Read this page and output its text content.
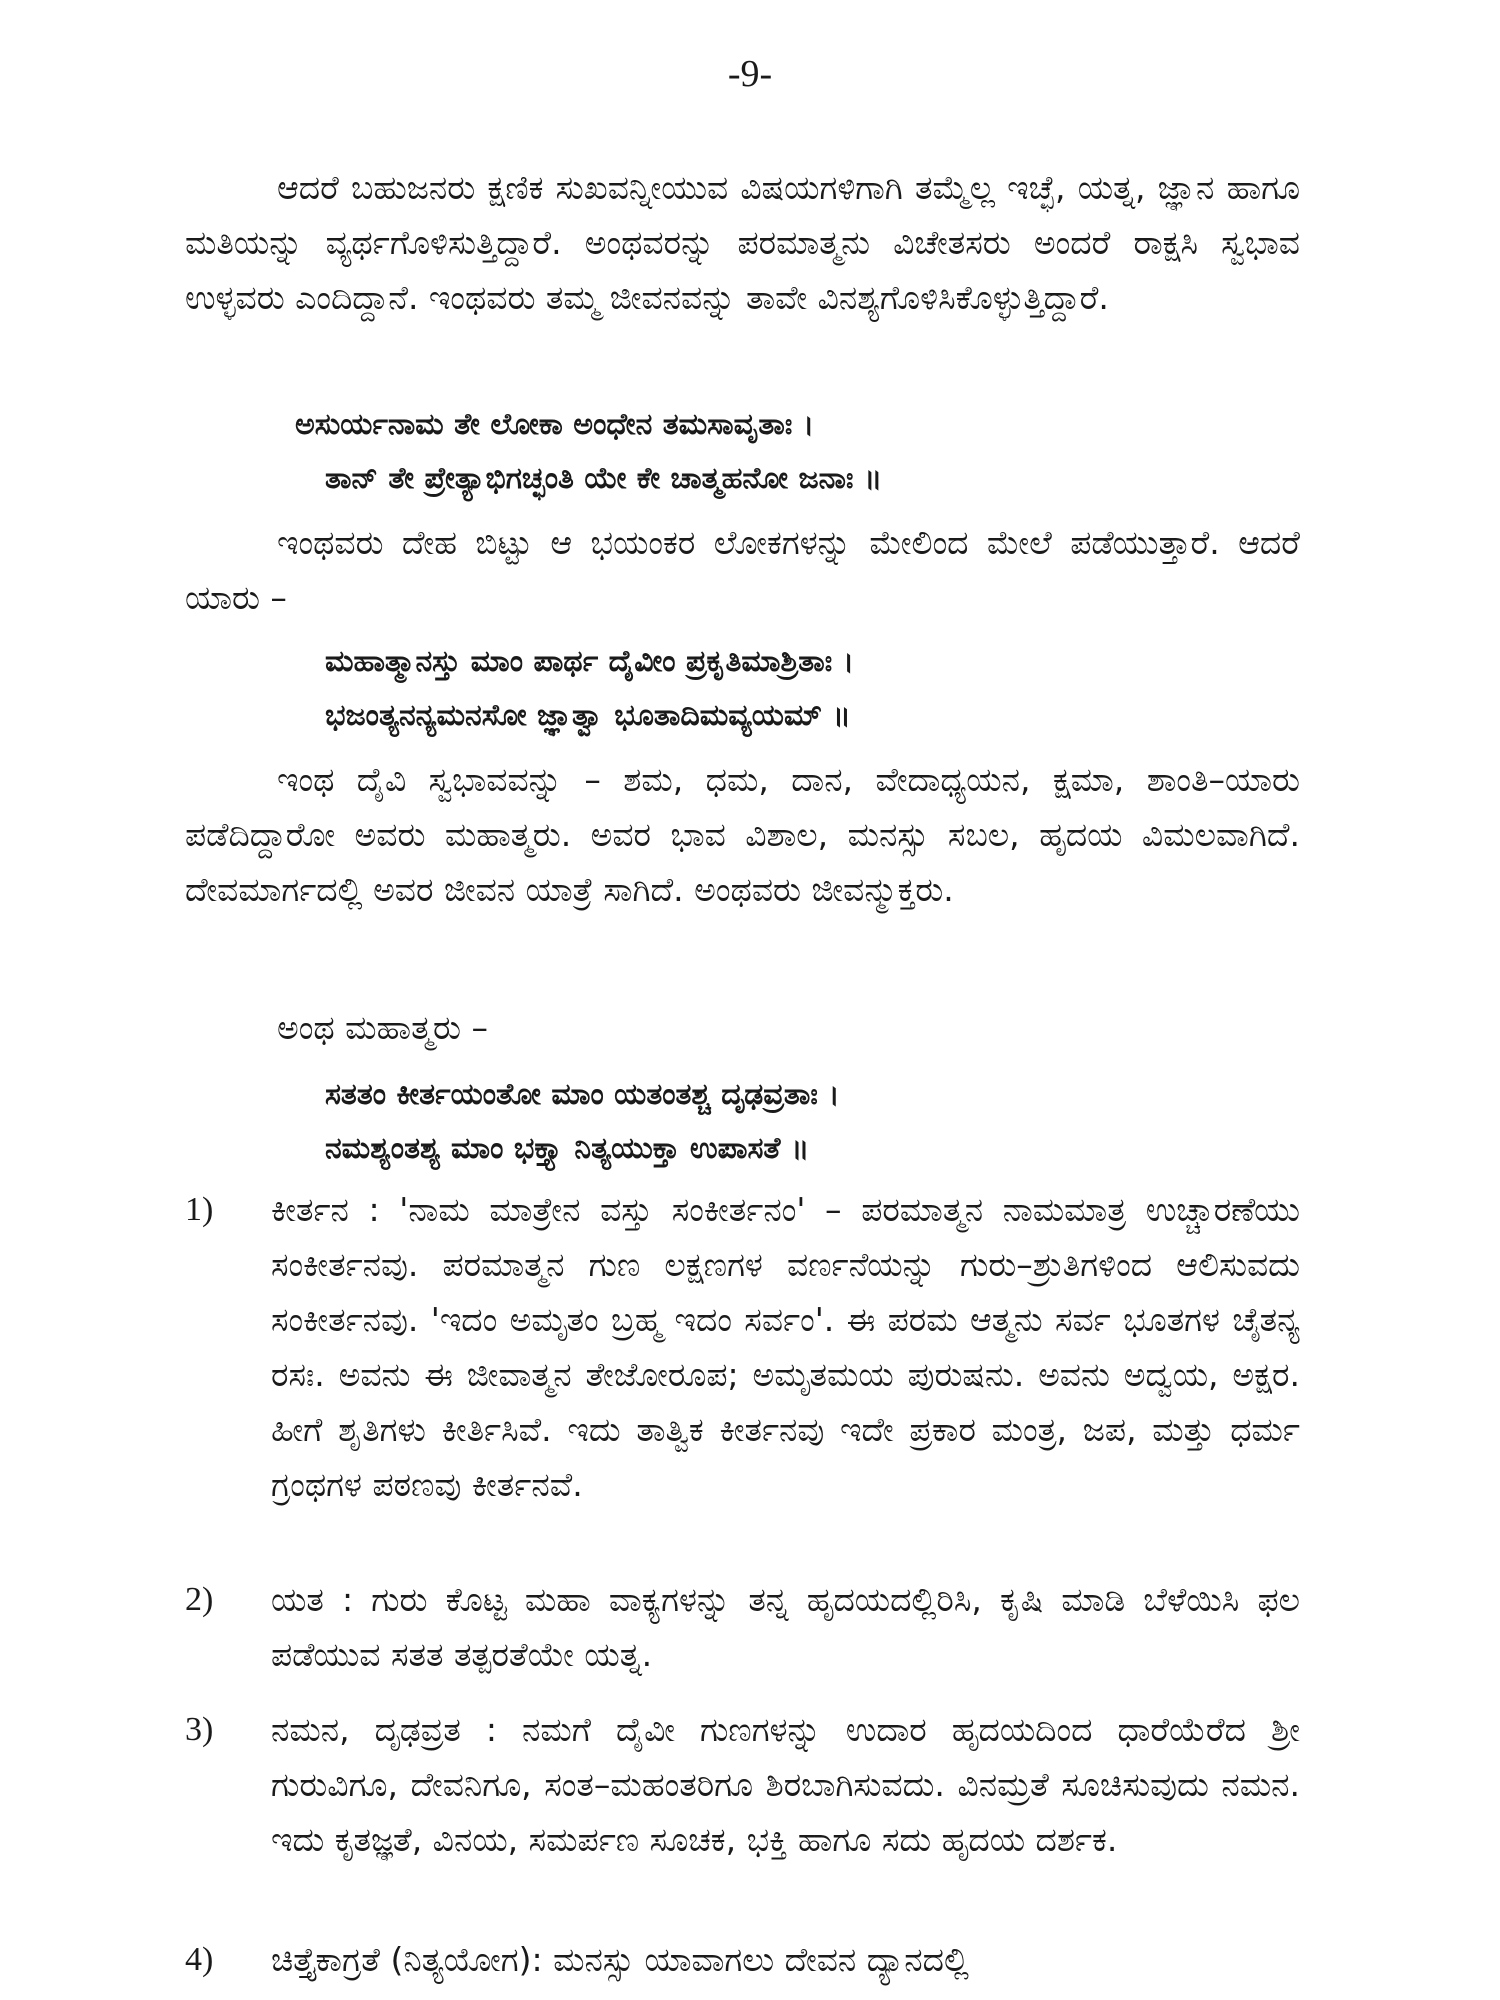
-9-

ಆದರೆ ಬಹುಜನರು ಕ್ಷಣಿಕ ಸುಖವನ್ನೀಯುವ ವಿಷಯಗಳಿಗಾಗಿ ತಮ್ಮೆಲ್ಲ ಇಚ್ಛೆ, ಯತ್ನ, ಜ್ಞಾನ ಹಾಗೂ ಮತಿಯನ್ನು ವ್ಯರ್ಥಗೊಳಿಸುತ್ತಿದ್ದಾರೆ. ಅಂಥವರನ್ನು ಪರಮಾತ್ಮನು ವಿಚೇತಸರು ಅಂದರೆ ರಾಕ್ಷಸಿ ಸ್ವಭಾವ ಉಳ್ಳವರು ಎಂದಿದ್ದಾನೆ. ಇಂಥವರು ತಮ್ಮ ಜೀವನವನ್ನು ತಾವೇ ವಿನಶ್ಯಗೊಳಿಸಿಕೊಳ್ಳುತ್ತಿದ್ದಾರೆ.

ಅಸುರ್ಯನಾಮ ತೇ ಲೋಕಾ ಅಂಧೇನ ತಮಸಾವೃತಾಃ ।

ತಾನ್ ತೇ ಪ್ರೇತ್ಯಾಭಿಗಚ್ಛಂತಿ ಯೇ ಕೇ ಚಾತ್ಮಹನೋ ಜನಾಃ ॥

ಇಂಥವರು ದೇಹ ಬಿಟ್ಟು ಆ ಭಯಂಕರ ಲೋಕಗಳನ್ನು ಮೇಲಿಂದ ಮೇಲೆ ಪಡೆಯುತ್ತಾರೆ. ಆದರೆ ಯಾರು –

ಮಹಾತ್ಮಾನಸ್ತು ಮಾಂ ಪಾರ್ಥ ದೈವೀಂ ಪ್ರಕೃತಿಮಾಶ್ರಿತಾಃ ।

ಭಜಂತ್ಯನನ್ಯಮನಸೋ ಜ್ಞಾತ್ವಾ ಭೂತಾದಿಮವ್ಯಯಮ್ ॥

ಇಂಥ ದೈವಿ ಸ್ವಭಾವವನ್ನು – ಶಮ, ಧಮ, ದಾನ, ವೇದಾಧ್ಯಯನ, ಕ್ಷಮಾ, ಶಾಂತಿ–ಯಾರು ಪಡೆದಿದ್ದಾರೋ ಅವರು ಮಹಾತ್ಮರು. ಅವರ ಭಾವ ವಿಶಾಲ, ಮನಸ್ಸು ಸಬಲ, ಹೃದಯ ವಿಮಲವಾಗಿದೆ. ದೇವಮಾರ್ಗದಲ್ಲಿ ಅವರ ಜೀವನ ಯಾತ್ರೆ ಸಾಗಿದೆ. ಅಂಥವರು ಜೀವನ್ಮುಕ್ತರು.

ಅಂಥ ಮಹಾತ್ಮರು –

ಸತತಂ ಕೀರ್ತಯಂತೋ ಮಾಂ ಯತಂತಶ್ಚ ದೃಢವ್ರತಾಃ ।

ನಮಶ್ಯಂತಶ್ಯ ಮಾಂ ಭಕ್ತ್ಯಾ ನಿತ್ಯಯುಕ್ತಾ ಉಪಾಸತೆ ॥

1) ಕೀರ್ತನ : 'ನಾಮ ಮಾತ್ರೇನ ವಸ್ತು ಸಂಕೀರ್ತನಂ' – ಪರಮಾತ್ಮನ ನಾಮಮಾತ್ರ ಉಚ್ಚಾರಣೆಯು ಸಂಕೀರ್ತನವು. ಪರಮಾತ್ಮನ ಗುಣ ಲಕ್ಷಣಗಳ ವರ್ಣನೆಯನ್ನು ಗುರು–ಶ್ರುತಿಗಳಿಂದ ಆಲಿಸುವದು ಸಂಕೀರ್ತನವು. 'ಇದಂ ಅಮೃತಂ ಬ್ರಹ್ಮ ಇದಂ ಸರ್ವಂ'. ಈ ಪರಮ ಆತ್ಮನು ಸರ್ವ ಭೂತಗಳ ಚೈತನ್ಯ ರಸಃ. ಅವನು ಈ ಜೀವಾತ್ಮನ ತೇಜೋರೂಪ; ಅಮೃತಮಯ ಪುರುಷನು. ಅವನು ಅದ್ವಯ, ಅಕ್ಷರ. ಹೀಗೆ ಶೃತಿಗಳು ಕೀರ್ತಿಸಿವೆ. ಇದು ತಾತ್ವಿಕ ಕೀರ್ತನವು ಇದೇ ಪ್ರಕಾರ ಮಂತ್ರ, ಜಪ, ಮತ್ತು ಧರ್ಮ ಗ್ರಂಥಗಳ ಪಠಣವು ಕೀರ್ತನವೆ.

2) ಯತ : ಗುರು ಕೊಟ್ಟ ಮಹಾ ವಾಕ್ಯಗಳನ್ನು ತನ್ನ ಹೃದಯದಲ್ಲಿರಿಸಿ, ಕೃಷಿ ಮಾಡಿ ಬೆಳೆಯಿಸಿ ಫಲ ಪಡೆಯುವ ಸತತ ತತ್ಪರತೆಯೇ ಯತ್ನ.

3) ನಮನ, ದೃಢವ್ರತ : ನಮಗೆ ದೈವೀ ಗುಣಗಳನ್ನು ಉದಾರ ಹೃದಯದಿಂದ ಧಾರೆಯೆರೆದ ಶ್ರೀ ಗುರುವಿಗೂ, ದೇವನಿಗೂ, ಸಂತ–ಮಹಂತರಿಗೂ ಶಿರಬಾಗಿಸುವದು. ವಿನಮ್ರತೆ ಸೂಚಿಸುವುದು ನಮನ. ಇದು ಕೃತಜ್ಞತೆ, ವಿನಯ, ಸಮರ್ಪಣ ಸೂಚಕ, ಭಕ್ತಿ ಹಾಗೂ ಸದು ಹೃದಯ ದರ್ಶಕ.

4) ಚಿತ್ತೈಕಾಗ್ರತೆ (ನಿತ್ಯಯೋಗ): ಮನಸ್ಸು ಯಾವಾಗಲು ದೇವನ ದ್ಯಾನದಲ್ಲಿ
